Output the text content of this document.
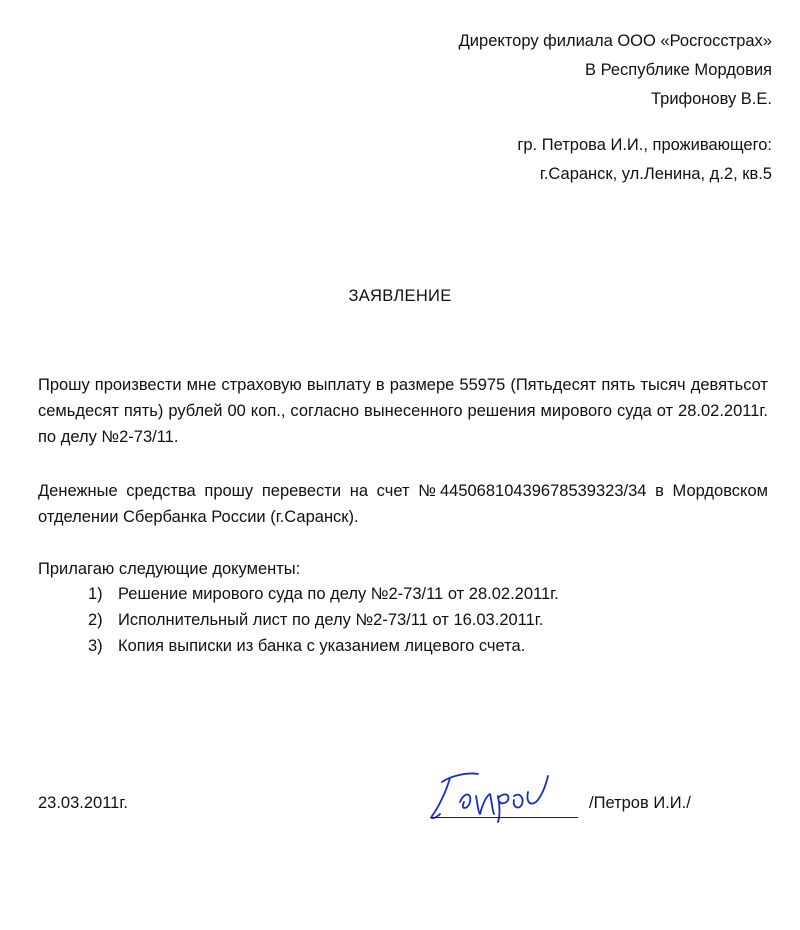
Директору филиала ООО «Росгосстрах»
В Республике Мордовия
Трифонову В.Е.
гр. Петрова И.И., проживающего:
г.Саранск, ул.Ленина, д.2, кв.5
ЗАЯВЛЕНИЕ

Прошу произвести мне страховую выплату в размере 55975 (Пятьдесят пять тысяч девятьсот семьдесят пять) рублей 00 коп., согласно вынесенного решения мирового суда от 28.02.2011г. по делу №2-73/11.

Денежные средства прошу перевести на счет №44506810439678539323/34 в Мордовском отделении Сбербанка России (г.Саранск).

Прилагаю следующие документы:

1) Решение мирового суда по делу №2-73/11 от 28.02.2011г.
2) Исполнительный лист по делу №2-73/11 от 16.03.2011г.
3) Копия выписки из банка с указанием лицевого счета.
23.03.2011г.	/Петров И.И./
